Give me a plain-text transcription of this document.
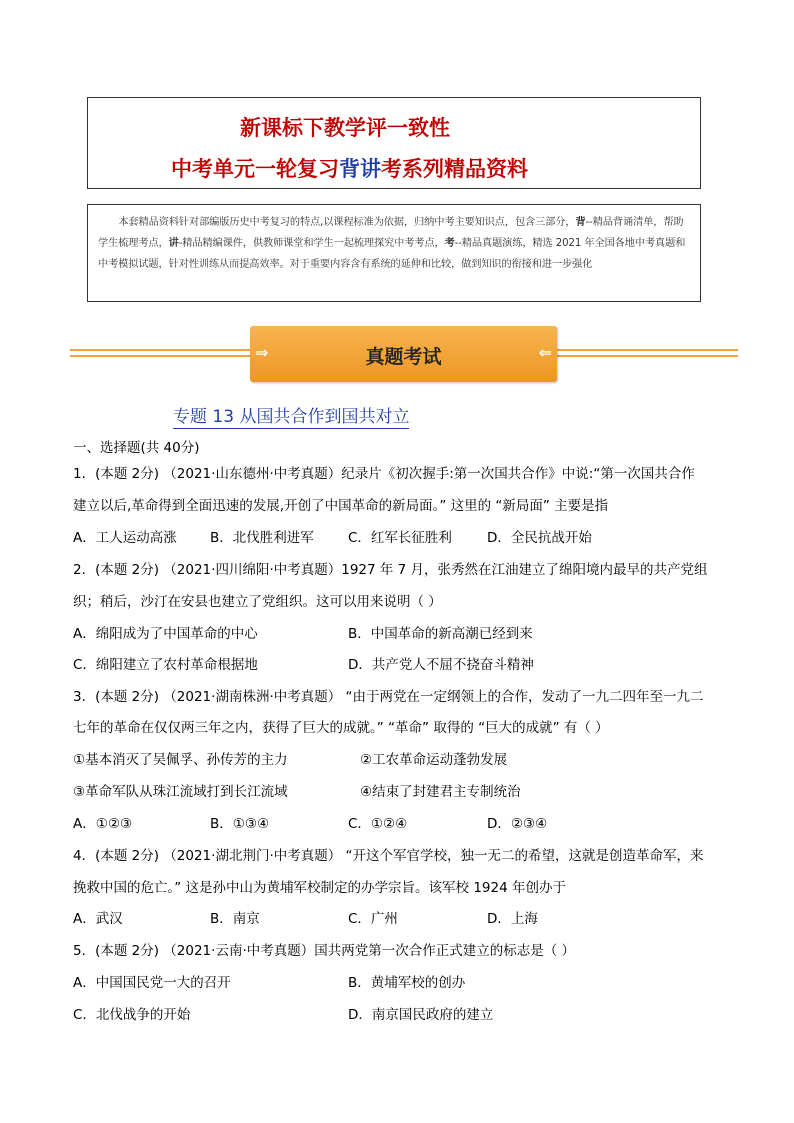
新课标下教学评一致性
中考单元一轮复习背讲考系列精品资料
本套精品资料针对部编版历史中考复习的特点,以课程标准为依据，归纳中考主要知识点，包含三部分，背--精品背诵清单，帮助学生梳理考点，讲-精品精编课件，供教师课堂和学生一起梳理探究中考考点，考--精品真题演练，精选 2021 年全国各地中考真题和中考模拟试题，针对性训练从而提高效率。对于重要内容含有系统的延伸和比较，做到知识的衔接和进一步强化
⇒	真题考试	⇐
专题 13 从国共合作到国共对立
一、选择题(共 40分)
1．(本题 2分) （2021·山东德州·中考真题）纪录片《初次握手:第一次国共合作》中说:“第一次国共合作
建立以后,革命得到全面迅速的发展,开创了中国革命的新局面。” 这里的 “新局面” 主要是指
A．工人运动高涨 B．北伐胜利进军	C．红军长征胜利	D．全民抗战开始
2．(本题 2分) （2021·四川绵阳·中考真题）1927 年 7 月，张秀然在江油建立了绵阳境内最早的共产党组
织；稍后，沙汀在安县也建立了党组织。这可以用来说明（ ）
A．绵阳成为了中国革命的中心	B．中国革命的新高潮已经到来
C．绵阳建立了农村革命根据地	D．共产党人不屈不挠奋斗精神
3．(本题 2分) （2021·湖南株洲·中考真题） “由于两党在一定纲领上的合作，发动了一九二四年至一九二
七年的革命在仅仅两三年之内，获得了巨大的成就。” “革命” 取得的 “巨大的成就” 有（ ）
①基本消灭了吴佩孚、孙传芳的主力	②工农革命运动蓬勃发展
③革命军队从珠江流域打到长江流域	④结束了封建君主专制统治
A．①②③	B．①③④	C．①②④	D．②③④
4．(本题 2分) （2021·湖北荆门·中考真题） “开这个军官学校，独一无二的希望，这就是创造革命军，来
挽救中国的危亡。” 这是孙中山为黄埔军校制定的办学宗旨。该军校 1924 年创办于
A．武汉	B．南京	C．广州	D．上海
5．(本题 2分) （2021·云南·中考真题）国共两党第一次合作正式建立的标志是（ ）
A．中国国民党一大的召开	B．黄埔军校的创办
C．北伐战争的开始	D．南京国民政府的建立
